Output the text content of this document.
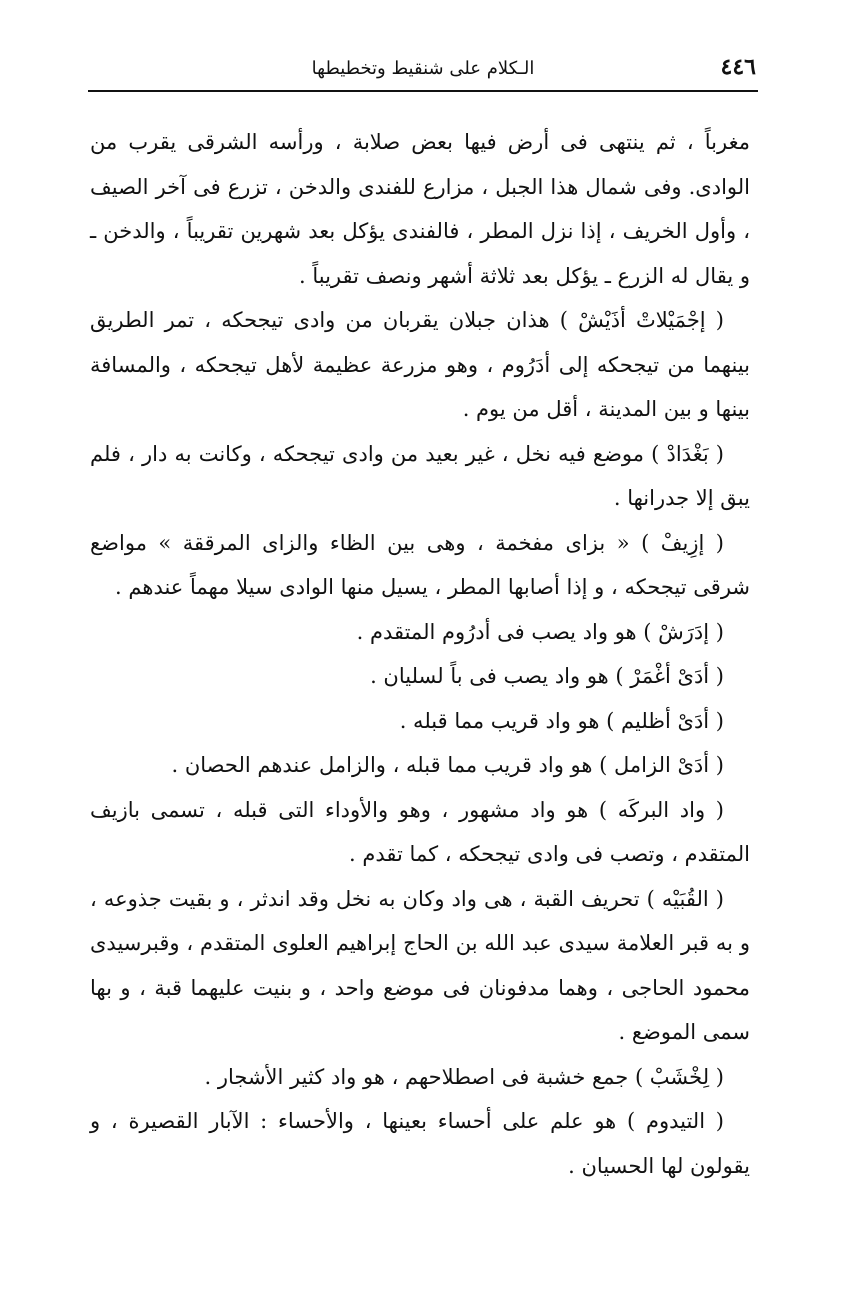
٤٤٦
الـكلام على شنقيط وتخطيطها

مغرباً ، ثم ينتهى فى أرض فيها بعض صلابة ، ورأسه الشرقى يقرب من الوادى. وفى شمال هذا الجبل ، مزارع للفندى والدخن ، تزرع فى آخر الصيف ، وأول الخريف ، إذا نزل المطر ، فالفندى يؤكل بعد شهرين تقريباً ، والدخن ـ و يقال له الزرع ـ يؤكل بعد ثلاثة أشهر ونصف تقريباً .

( إجْمَيْلاتْ أذَيْشْ ) هذان جبلان يقربان من وادى تيجحكه ، تمر الطريق بينهما من تيجحكه إلى أدَرُوم ، وهو مزرعة عظيمة لأهل تيجحكه ، والمسافة بينها و بين المدينة ، أقل من يوم .

( بَغْدَادْ ) موضع فيه نخل ، غير بعيد من وادى تيجحكه ، وكانت به دار ، فلم يبق إلا جدرانها .

( إزِيفْ ) « بزاى مفخمة ، وهى بين الظاء والزاى المرققة » مواضع شرقى تيجحكه ، و إذا أصابها المطر ، يسيل منها الوادى سيلا مهماً عندهم .

( إدَرَشْ ) هو واد يصب فى أدرُوم المتقدم .

( أدَىْ أغْمَرْ ) هو واد يصب فى باً لسليان .

( أدَىْ أظليم ) هو واد قريب مما قبله .

( أدَىْ الزامل ) هو واد قريب مما قبله ، والزامل عندهم الحصان .

( واد البركَه ) هو واد مشهور ، وهو والأوداء التى قبله ، تسمى بازيف المتقدم ، وتصب فى وادى تيجحكه ، كما تقدم .

( القُبَيْه ) تحريف القبة ، هى واد وكان به نخل وقد اندثر ، و بقيت جذوعه ، و به قبر العلامة سيدى عبد الله بن الحاج إبراهيم العلوى المتقدم ، وقبرسيدى محمود الحاجى ، وهما مدفونان فى موضع واحد ، و بنيت عليهما قبة ، و بها سمى الموضع .

( لِخْشَبْ ) جمع خشبة فى اصطلاحهم ، هو واد كثير الأشجار .

( التيدوم ) هو علم على أحساء بعينها ، والأحساء : الآبار القصيرة ، و يقولون لها الحسيان .
